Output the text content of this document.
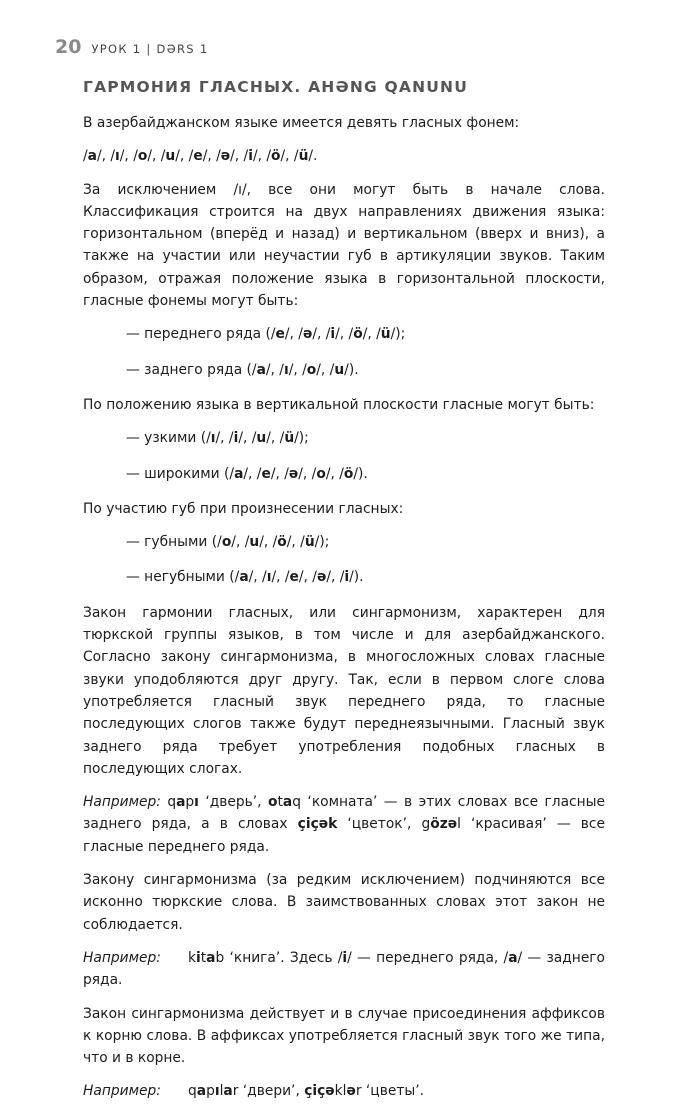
20 УРОК 1 | DƏRS 1
ГАРМОНИЯ ГЛАСНЫХ. AHƏNG QANUNU

В азербайджанском языке имеется девять гласных фонем:

/a/, /ı/, /o/, /u/, /e/, /ə/, /i/, /ö/, /ü/.

За исключением /ı/, все они могут быть в начале слова. Классификация строится на двух направлениях движения языка: горизонтальном (вперёд и назад) и вертикальном (вверх и вниз), а также на участии или неучастии губ в артикуляции звуков. Таким образом, отражая положение языка в горизонтальной плоскости, гласные фонемы могут быть:

— переднего ряда (/e/, /ə/, /i/, /ö/, /ü/);

— заднего ряда (/a/, /ı/, /o/, /u/).

По положению языка в вертикальной плоскости гласные могут быть:

— узкими (/ı/, /i/, /u/, /ü/);

— широкими (/a/, /e/, /ə/, /o/, /ö/).

По участию губ при произнесении гласных:

— губными (/o/, /u/, /ö/, /ü/);

— негубными (/a/, /ı/, /e/, /ə/, /i/).

Закон гармонии гласных, или сингармонизм, характерен для тюркской группы языков, в том числе и для азербайджанского. Согласно закону сингармонизма, в многосложных словах гласные звуки уподобляются друг другу. Так, если в первом слоге слова употребляется гласный звук переднего ряда, то гласные последующих слогов также будут переднеязычными. Гласный звук заднего ряда требует употребления подобных гласных в последующих слогах.

Например: qapı ‘дверь’, otaq ‘комната’ — в этих словах все гласные заднего ряда, а в словах çiçək ‘цветок’, gözəl ‘красивая’ — все гласные переднего ряда.

Закону сингармонизма (за редким исключением) подчиняются все исконно тюркские слова. В заимствованных словах этот закон не соблюдается.

Например: kitab ‘книга’. Здесь /i/ — переднего ряда, /a/ — заднего ряда.

Закон сингармонизма действует и в случае присоединения аффиксов к корню слова. В аффиксах употребляется гласный звук того же типа, что и в корне.

Например: qapılar ‘двери’, çiçəklər ‘цветы’.
